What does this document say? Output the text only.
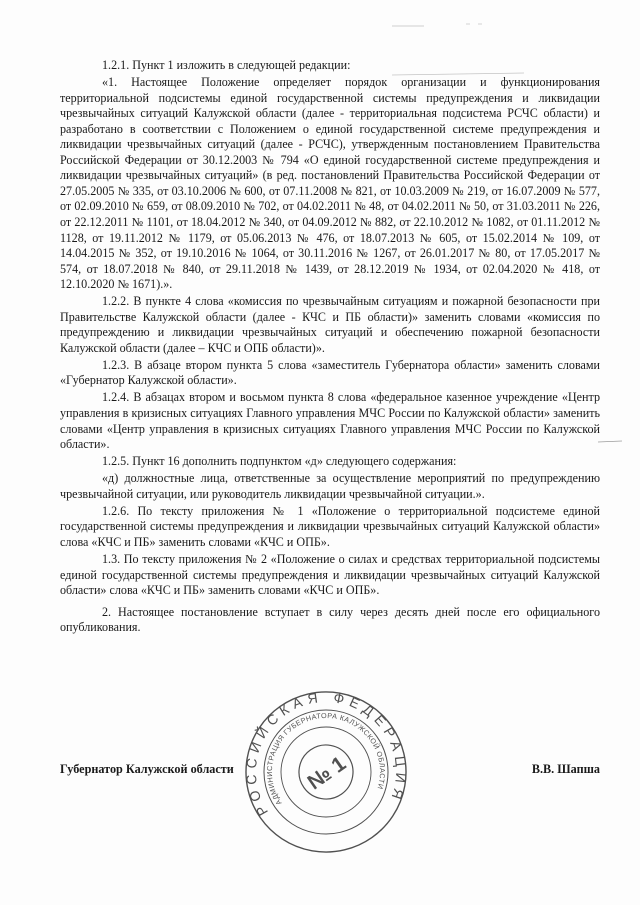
1.2.1. Пункт 1 изложить в следующей редакции:

«1. Настоящее Положение определяет порядок организации и функционирования территориальной подсистемы единой государственной системы предупреждения и ликвидации чрезвычайных ситуаций Калужской области (далее - территориальная подсистема РСЧС области) и разработано в соответствии с Положением о единой государственной системе предупреждения и ликвидации чрезвычайных ситуаций (далее - РСЧС), утвержденным постановлением Правительства Российской Федерации от 30.12.2003 № 794 «О единой государственной системе предупреждения и ликвидации чрезвычайных ситуаций» (в ред. постановлений Правительства Российской Федерации от 27.05.2005 № 335, от 03.10.2006 № 600, от 07.11.2008 № 821, от 10.03.2009 № 219, от 16.07.2009 № 577, от 02.09.2010 № 659, от 08.09.2010 № 702, от 04.02.2011 № 48, от 04.02.2011 № 50, от 31.03.2011 № 226, от 22.12.2011 № 1101, от 18.04.2012 № 340, от 04.09.2012 № 882, от 22.10.2012 № 1082, от 01.11.2012 № 1128, от 19.11.2012 № 1179, от 05.06.2013 № 476, от 18.07.2013 № 605, от 15.02.2014 № 109, от 14.04.2015 № 352, от 19.10.2016 № 1064, от 30.11.2016 № 1267, от 26.01.2017 № 80, от 17.05.2017 № 574, от 18.07.2018 № 840, от 29.11.2018 № 1439, от 28.12.2019 № 1934, от 02.04.2020 № 418, от 12.10.2020 № 1671).».

1.2.2. В пункте 4 слова «комиссия по чрезвычайным ситуациям и пожарной безопасности при Правительстве Калужской области (далее - КЧС и ПБ области)» заменить словами «комиссия по предупреждению и ликвидации чрезвычайных ситуаций и обеспечению пожарной безопасности Калужской области (далее – КЧС и ОПБ области)».

1.2.3. В абзаце втором пункта 5 слова «заместитель Губернатора области» заменить словами «Губернатор Калужской области».

1.2.4. В абзацах втором и восьмом пункта 8 слова «федеральное казенное учреждение «Центр управления в кризисных ситуациях Главного управления МЧС России по Калужской области» заменить словами «Центр управления в кризисных ситуациях Главного управления МЧС России по Калужской области».

1.2.5. Пункт 16 дополнить подпунктом «д» следующего содержания:

«д) должностные лица, ответственные за осуществление мероприятий по предупреждению чрезвычайной ситуации, или руководитель ликвидации чрезвычайной ситуации.».

1.2.6. По тексту приложения № 1 «Положение о территориальной подсистеме единой государственной системы предупреждения и ликвидации чрезвычайных ситуаций Калужской области» слова «КЧС и ПБ» заменить словами «КЧС и ОПБ».

1.3. По тексту приложения № 2 «Положение о силах и средствах территориальной подсистемы единой государственной системы предупреждения и ликвидации чрезвычайных ситуаций Калужской области» слова «КЧС и ПБ» заменить словами «КЧС и ОПБ».

2. Настоящее постановление вступает в силу через десять дней после его официального опубликования.

Губернатор Калужской области	В.В. Шапша
РОССИЙСКАЯ ФЕДЕРАЦИЯ
АДМИНИСТРАЦИЯ ГУБЕРНАТОРА КАЛУЖСКОЙ ОБЛАСТИ
№ 1
